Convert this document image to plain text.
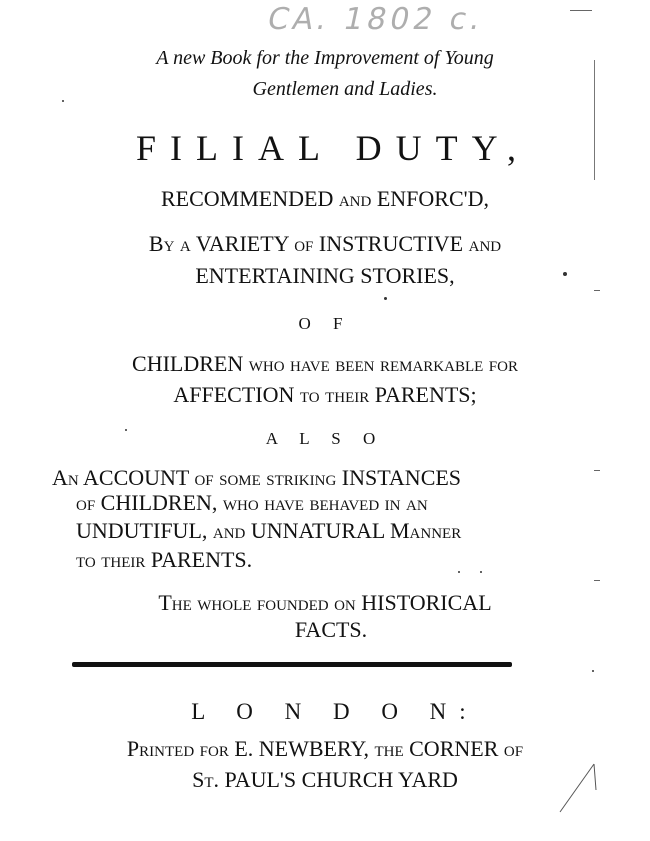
CA. 1802 c.
A new Book for the Improvement of Young
Gentlemen and Ladies.
FILIAL DUTY,
RECOMMENDED and ENFORC'D,
By a VARIETY of INSTRUCTIVE and
ENTERTAINING STORIES,
O F
CHILDREN who have been remarkable for
AFFECTION to their PARENTS;
A L S O
An ACCOUNT of some striking INSTANCES
of CHILDREN, who have behaved in an
UNDUTIFUL, and UNNATURAL Manner
to their PARENTS.
The whole founded on HISTORICAL
FACTS.
L O N D O N:
Printed for E. NEWBERY, the CORNER of
St. PAUL'S CHURCH YARD
